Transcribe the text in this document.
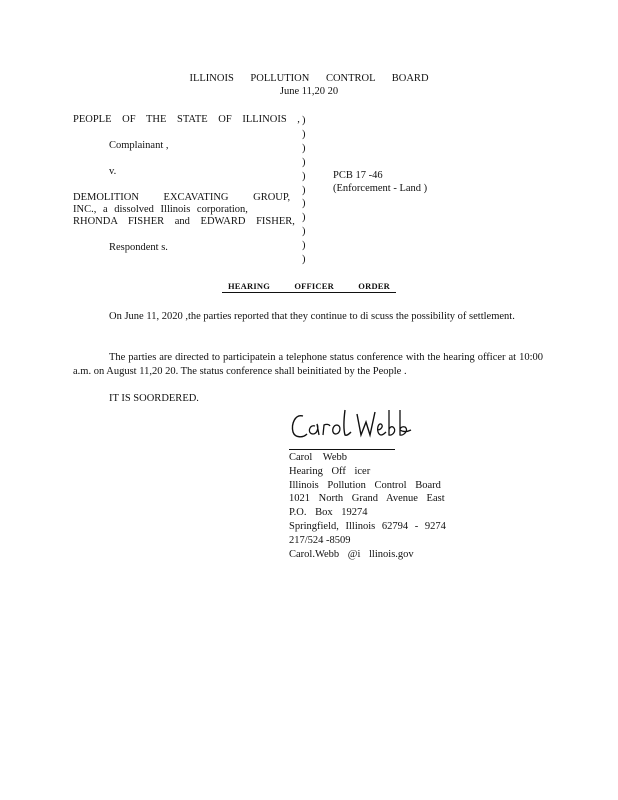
ILLINOIS POLLUTION CONTROL BOARD
June 11,20 20
PEOPLE OF THE STATE OF ILLINOIS ,
Complainant ,
v.
DEMOLITION EXCAVATING GROUP,
INC., a dissolved Illinois corporation,
RHONDA FISHER and EDWARD FISHER,
Respondent s.
)
)
)
)
)
)
)
)
)
)
)
PCB 17 -46
(Enforcement - Land )
HEARING OFFICER ORDER
On June 11, 2020 ,the parties reported that they continue to di scuss the possibility of settlement.
The parties are directed to participatein a telephone status conference with the hearing officer at 10:00 a.m. on August 11,20 20. The status conference shall beinitiated by the People .
IT IS SOORDERED.
Carol Webb
Hearing Off icer
Illinois Pollution Control Board
1021 North Grand Avenue East
P.O. Box 19274
Springfield, Illinois 62794 - 9274
217/524 -8509
Carol.Webb @i llinois.gov
